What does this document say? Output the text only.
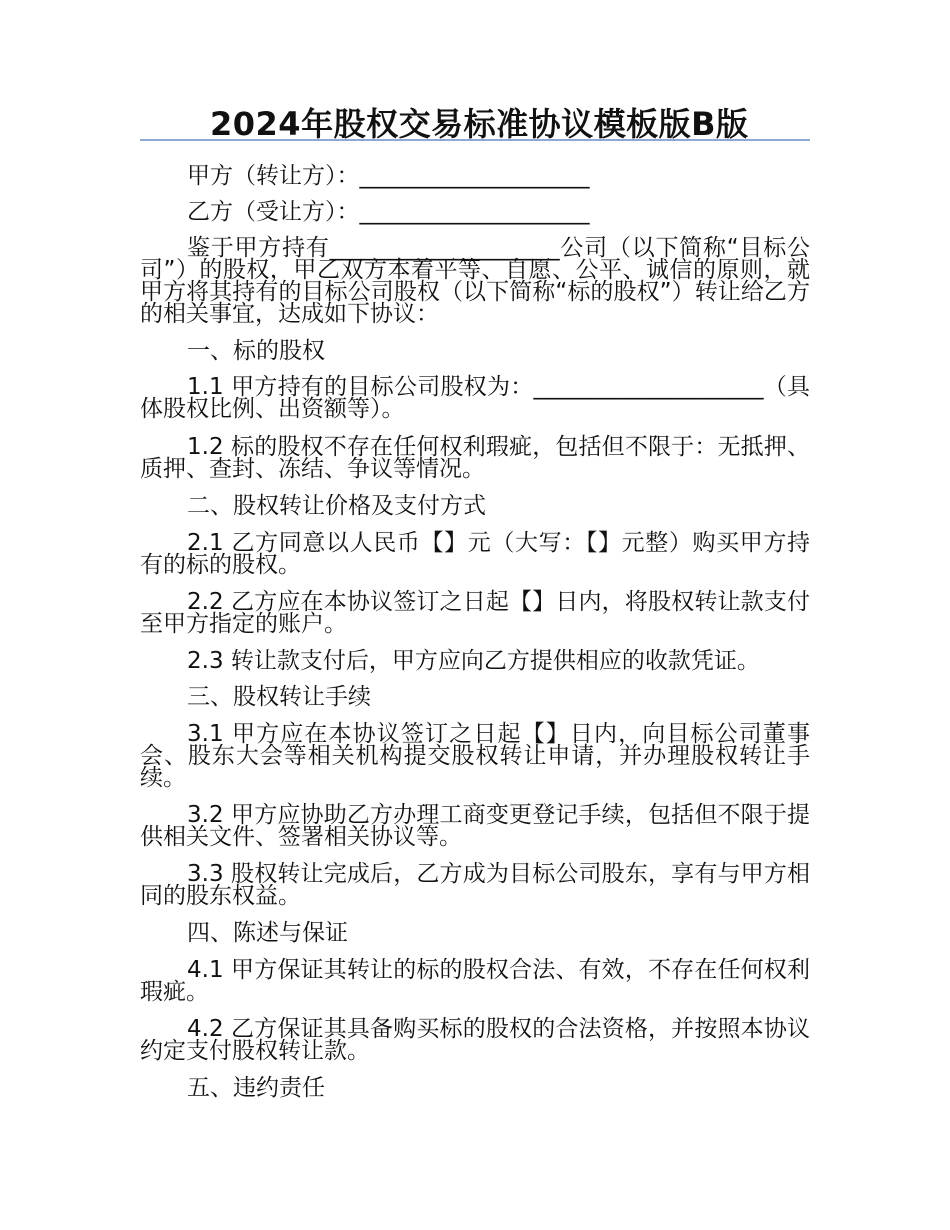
2024年股权交易标准协议模板版B版
甲方（转让方）：____________________
乙方（受让方）：____________________
鉴于甲方持有____________________公司（以下简称“目标公司”）的股权，甲乙双方本着平等、自愿、公平、诚信的原则，就甲方将其持有的目标公司股权（以下简称“标的股权”）转让给乙方的相关事宜，达成如下协议：
一、标的股权
1.1 甲方持有的目标公司股权为：____________________（具体股权比例、出资额等）。
1.2 标的股权不存在任何权利瑕疵，包括但不限于：无抵押、质押、查封、冻结、争议等情况。
二、股权转让价格及支付方式
2.1 乙方同意以人民币【】元（大写：【】元整）购买甲方持有的标的股权。
2.2 乙方应在本协议签订之日起【】日内，将股权转让款支付至甲方指定的账户。
2.3 转让款支付后，甲方应向乙方提供相应的收款凭证。
三、股权转让手续
3.1 甲方应在本协议签订之日起【】日内，向目标公司董事会、股东大会等相关机构提交股权转让申请，并办理股权转让手续。
3.2 甲方应协助乙方办理工商变更登记手续，包括但不限于提供相关文件、签署相关协议等。
3.3 股权转让完成后，乙方成为目标公司股东，享有与甲方相同的股东权益。
四、陈述与保证
4.1 甲方保证其转让的标的股权合法、有效，不存在任何权利瑕疵。
4.2 乙方保证其具备购买标的股权的合法资格，并按照本协议约定支付股权转让款。
五、违约责任
